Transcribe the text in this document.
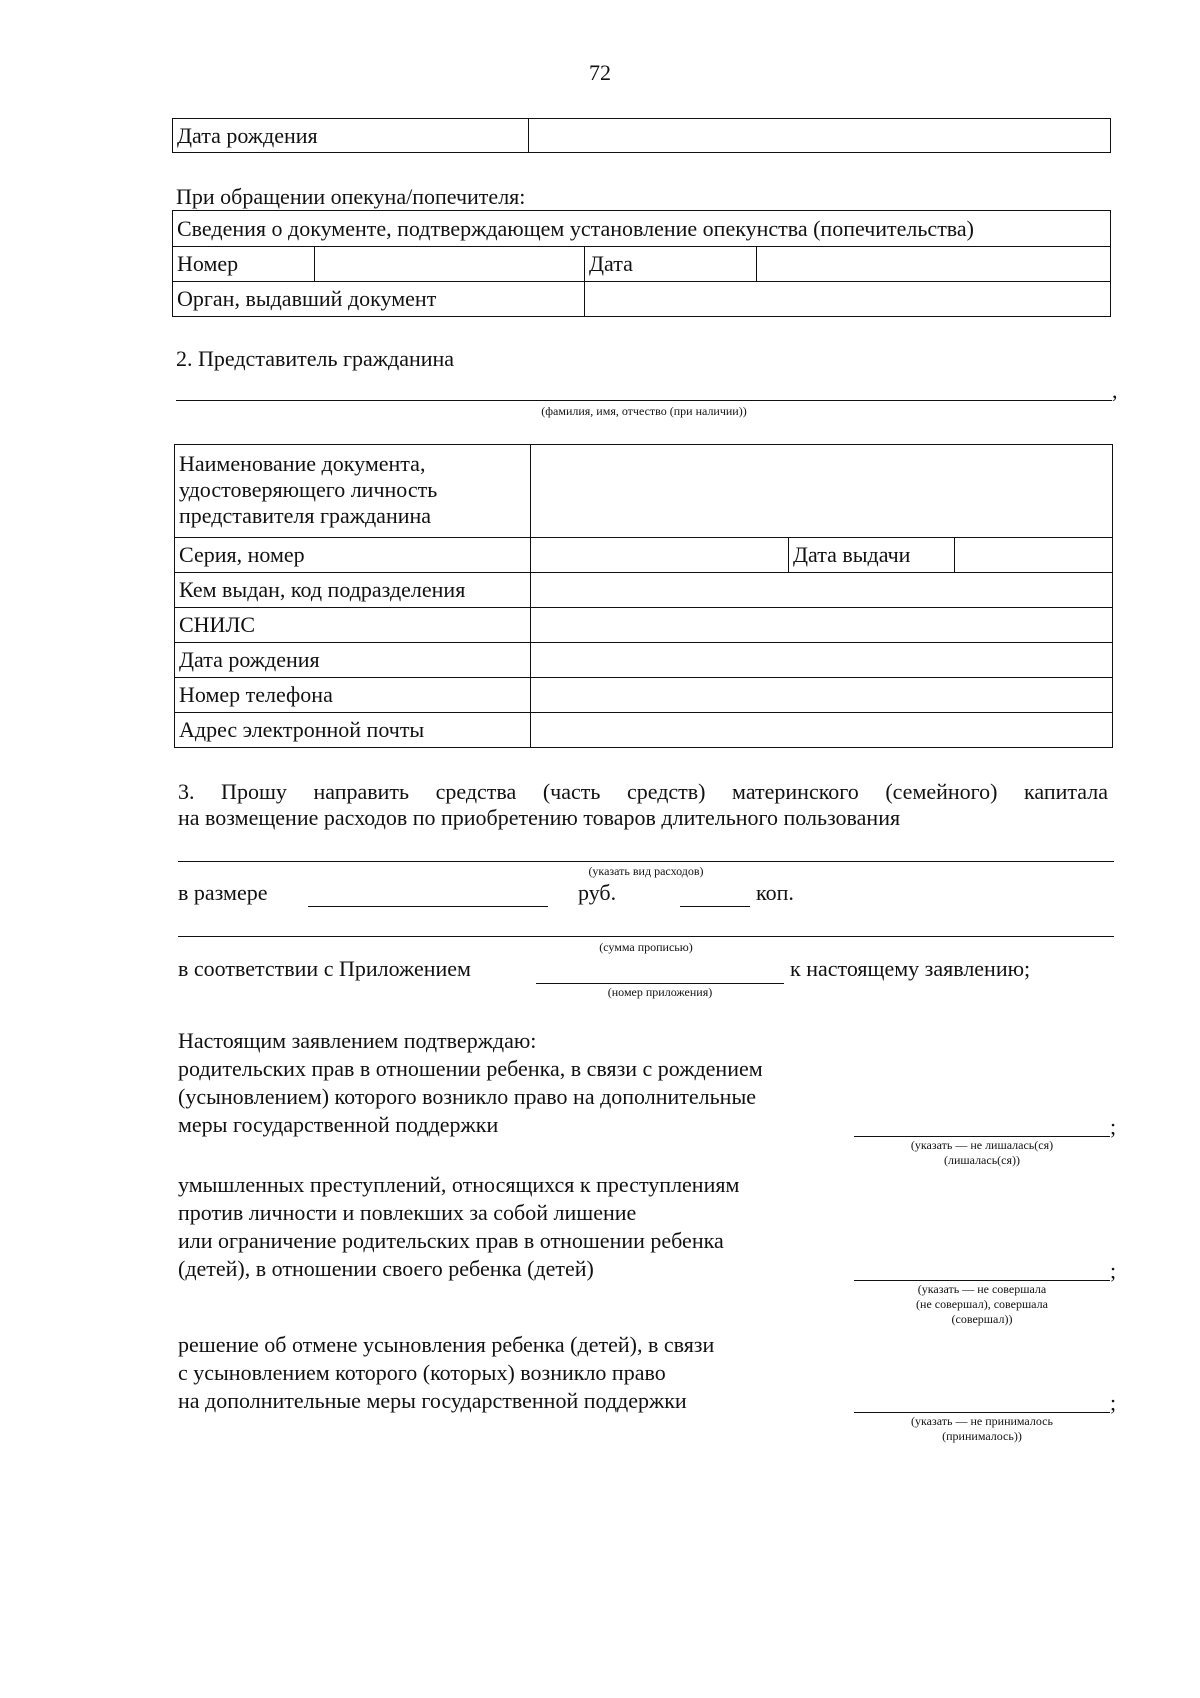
72
Дата рождения	
При обращении опекуна/попечителя:
Сведения о документе, подтверждающем установление опекунства (попечительства)			
Номер		Дата	
Орган, выдавший документ			
2. Представитель гражданина
,
(фамилия, имя, отчество (при наличии))
Наименование документа, удостоверяющего личность представителя гражданина			
Серия, номер		Дата выдачи	
Кем выдан, код подразделения			
СНИЛС			
Дата рождения			
Номер телефона			
Адрес электронной почты			
3. Прошу направить средства (часть средств) материнского (семейного) капитала
на возмещение расходов по приобретению товаров длительного пользования
(указать вид расходов)
в размере	руб.	коп.
(сумма прописью)
в соответствии с Приложением
(номер приложения)
к настоящему заявлению;
Настоящим заявлением подтверждаю:
родительских прав в отношении ребенка, в связи с рождением
(усыновлением) которого возникло право на дополнительные
меры государственной поддержки	;
(указать — не лишалась(ся)
(лишалась(ся))
умышленных преступлений, относящихся к преступлениям
против личности и повлекших за собой лишение
или ограничение родительских прав в отношении ребенка
(детей), в отношении своего ребенка (детей)	;
(указать — не совершала
(не совершал), совершала
(совершал))
решение об отмене усыновления ребенка (детей), в связи
с усыновлением которого (которых) возникло право
на дополнительные меры государственной поддержки	;
(указать — не принималось
(принималось))
